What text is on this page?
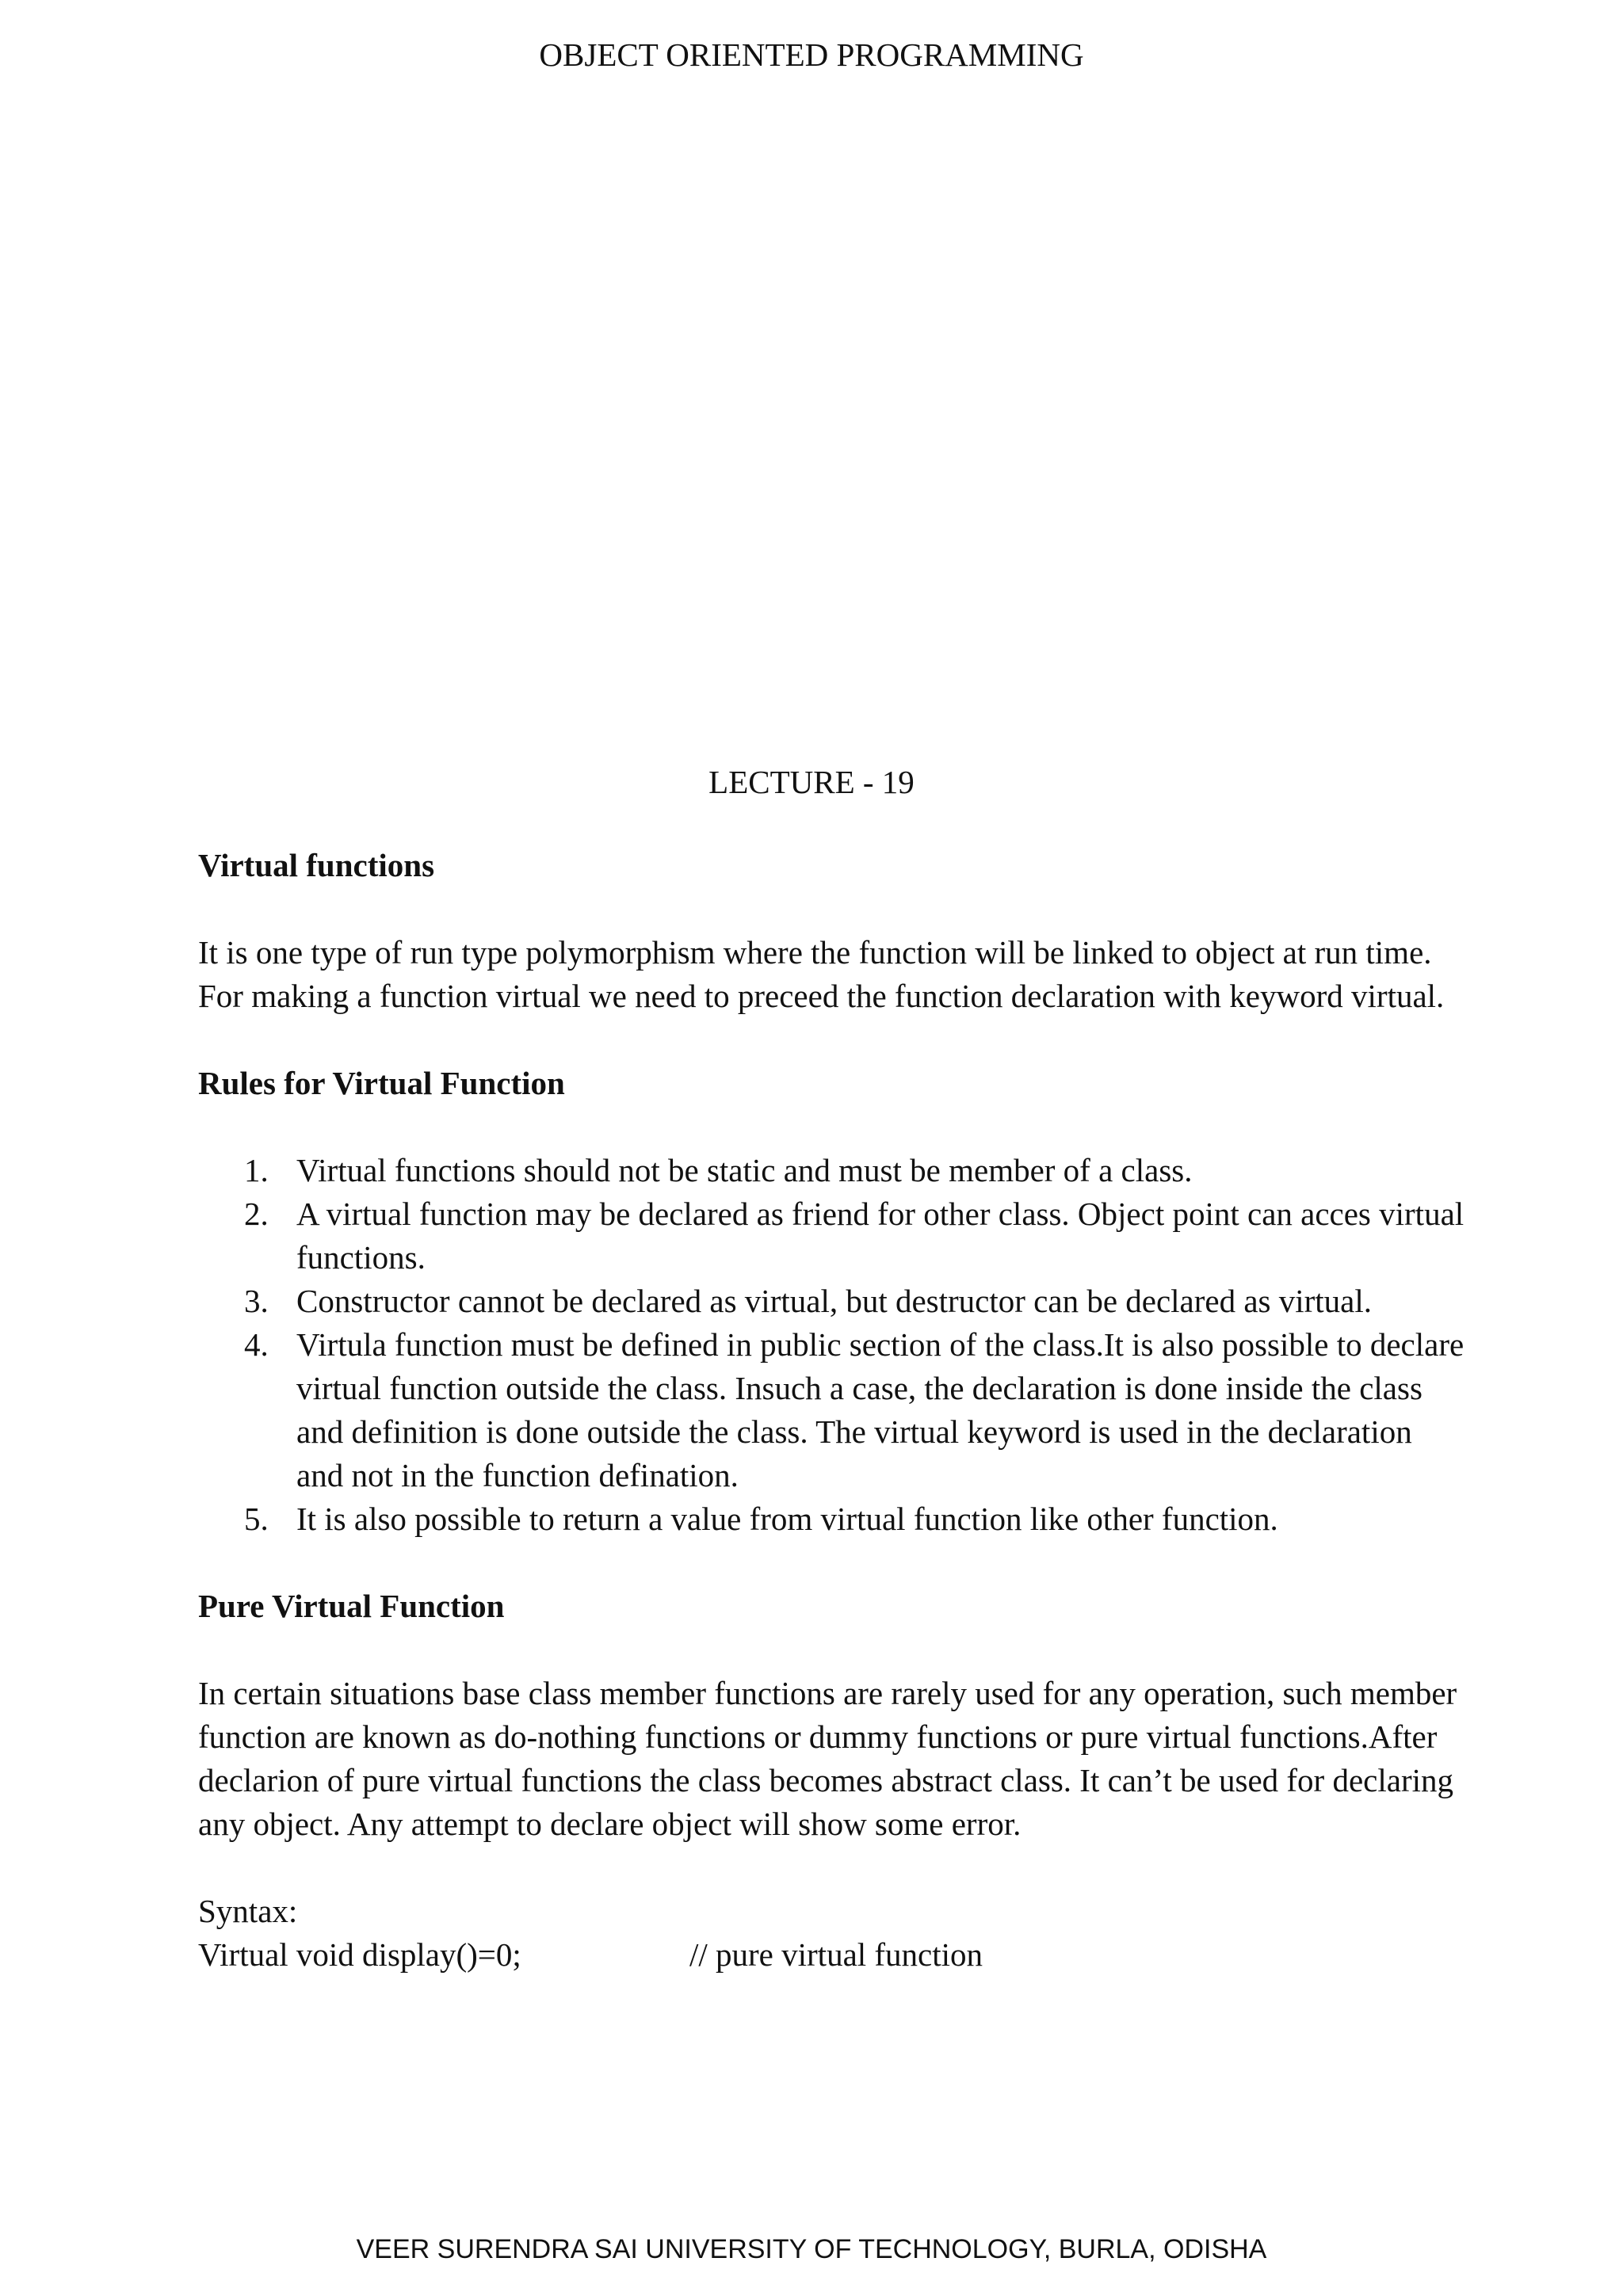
OBJECT ORIENTED PROGRAMMING
LECTURE - 19
Virtual functions

It is one type of run type polymorphism where the function will be linked to object at run time.

For making a function virtual we need to preceed the function declaration with keyword virtual.

Rules for Virtual Function
1. Virtual functions should not be static and must be member of a class.
2. A virtual function may be declared as friend for other class. Object point can acces virtual functions.
3. Constructor cannot be declared as virtual, but destructor can be declared as virtual.
4. Virtula function must be defined in public section of the class.It is also possible to declare virtual function outside the class. Insuch a case, the declaration is done inside the class and definition is done outside the class. The virtual keyword is used in the declaration and not in the function defination.
5. It is also possible to return a value from virtual function like other function.
Pure Virtual Function

In certain situations base class member functions are rarely used for any operation, such member function are known as do-nothing functions or dummy functions or pure virtual functions.After declarion of pure virtual functions the class becomes abstract class. It can’t be used for declaring any object. Any attempt to declare object will show some error.

Syntax:
Virtual void display()=0;	// pure virtual function
VEER SURENDRA SAI UNIVERSITY OF TECHNOLOGY, BURLA, ODISHA
